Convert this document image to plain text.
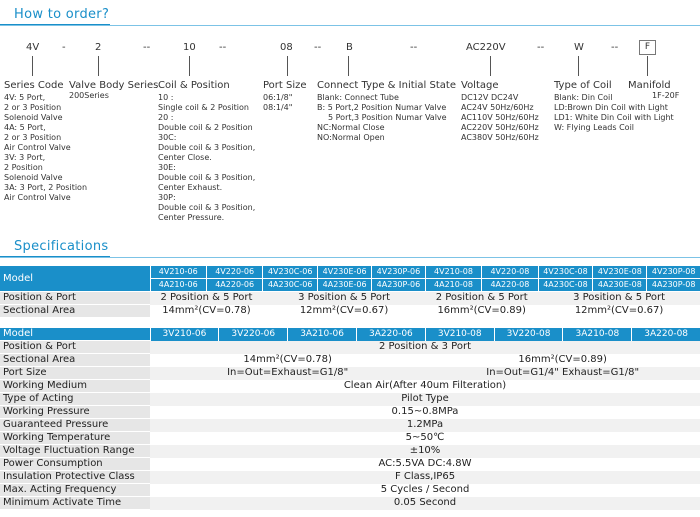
How to order?
4V -	2	--	10 --	08 -- B	--	AC220V	--	W	--	F
Series Code
4V: 5 Port,
2 or 3 Position
Solenoid Valve
4A: 5 Port,
2 or 3 Position
Air Control Valve
3V: 3 Port,
2 Position
Solenoid Valve
3A: 3 Port, 2 Position
Air Control Valve
Valve Body Series
200Series
Coil & Position
10 :
Single coil & 2 Position
20 :
Double coil & 2 Position
30C:
Double coil & 3 Position,
Center Close.
30E:
Double coil & 3 Position,
Center Exhaust.
30P:
Double coil & 3 Position,
Center Pressure.
Port Size
06:1/8"
08:1/4"
Connect Type & Initial State
Blank: Connect Tube
B: 5 Port,2 Position Numar Valve
5 Port,3 Position Numar Valve
NC:Normal Close
NO:Normal Open
Voltage
DC12V DC24V
AC24V 50Hz/60Hz
AC110V 50Hz/60Hz
AC220V 50Hz/60Hz
AC380V 50Hz/60Hz
Type of Coil
Blank: Din Coil
LD:Brown Din Coil with Light
LD1: White Din Coil with Light
W: Flying Leads Coil
Manifold
1F-20F
Specifications
Model	4V210-06	4V220-06	4V230C-06	4V230E-06	4V230P-06	4V210-08	4V220-08	4V230C-08	4V230E-08	4V230P-08
	4A210-06	4A220-06	4A230C-06	4A230E-06	4A230P-06	4A210-08	4A220-08	4A230C-08	4A230E-08	4A230P-08
Position & Port	2 Position & 5 Port		3 Position & 5 Port			2 Position & 5 Port		3 Position & 5 Port		
Sectional Area	14mm²(CV=0.78)		12mm²(CV=0.67)			16mm²(CV=0.89)		12mm²(CV=0.67)		
Model	3V210-06	3V220-06	3A210-06	3A220-06	3V210-08	3V220-08	3A210-08	3A220-08
Position & Port	2 Position & 3 Port							
Sectional Area	14mm²(CV=0.78)				16mm²(CV=0.89)			
Port Size	In=Out=Exhaust=G1/8"				In=Out=G1/4" Exhaust=G1/8"			
Working Medium	Clean Air(After 40um Filteration)							
Type of Acting	Pilot Type							
Working Pressure	0.15~0.8MPa							
Guaranteed Pressure	1.2MPa							
Working Temperature	5~50℃							
Voltage Fluctuation Range	±10%							
Power Consumption	AC:5.5VA DC:4.8W							
Insulation Protective Class	F Class,IP65							
Max. Acting Frequency	5 Cycles / Second							
Minimum Activate Time	0.05 Second							
